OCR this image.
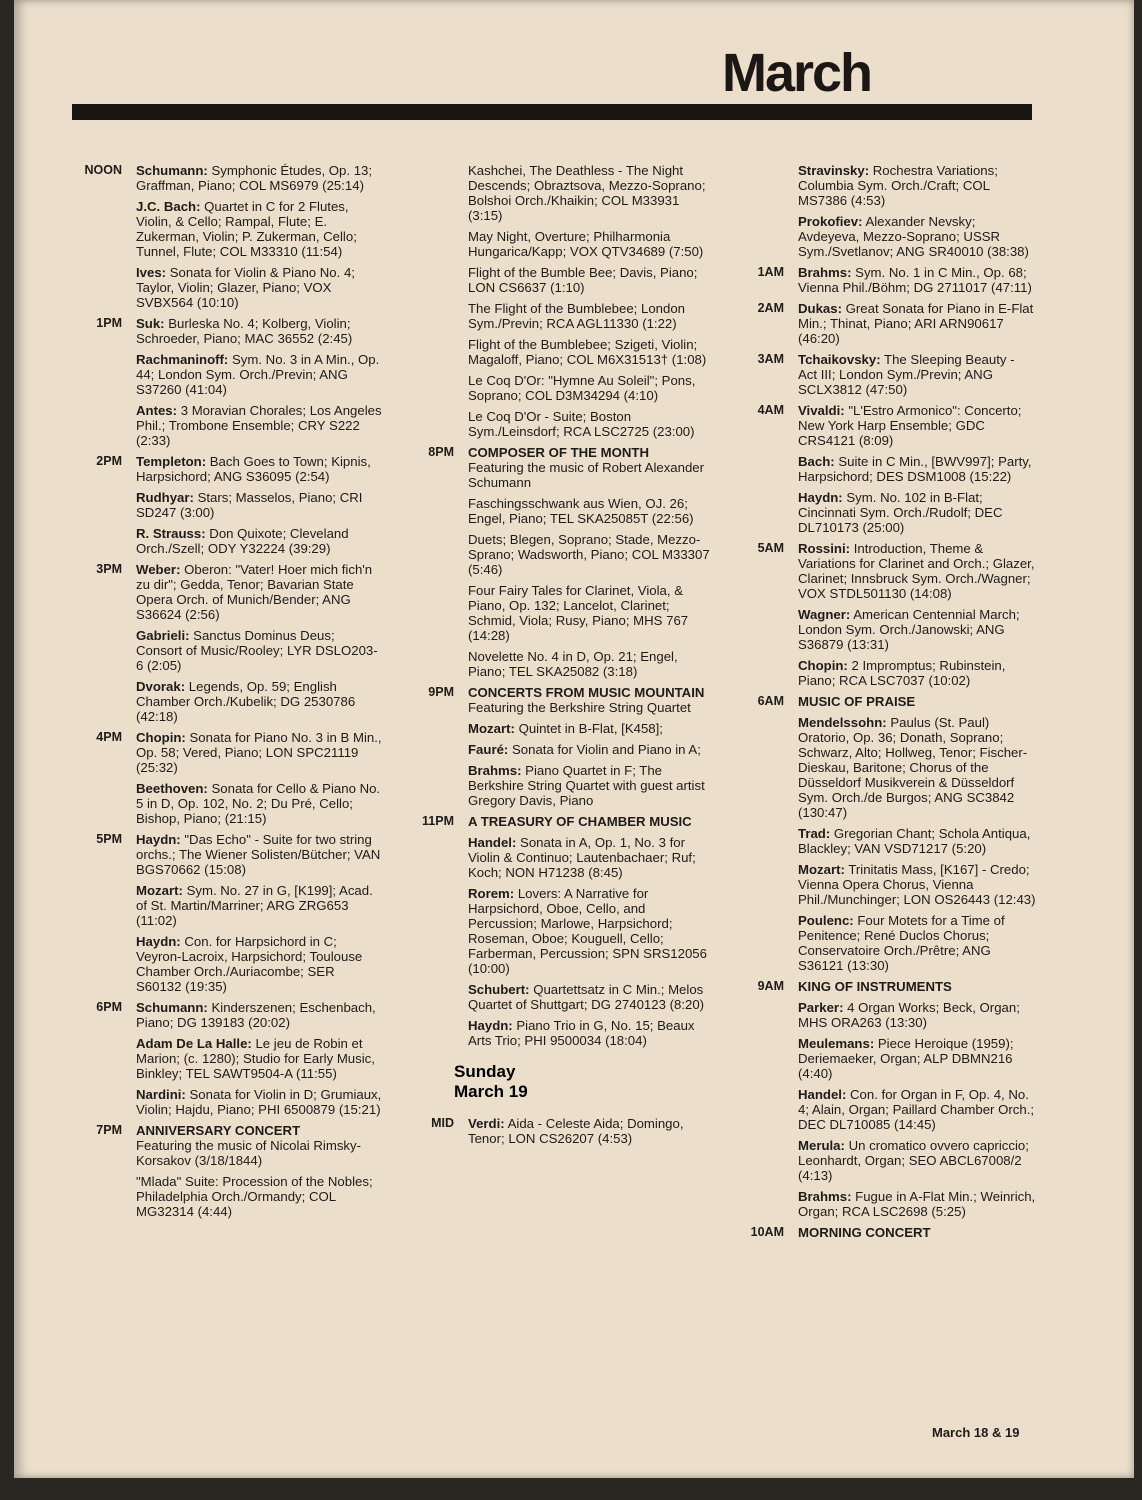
March
NOON	Schumann: Symphonic Études, Op. 13; Graffman, Piano; COL MS6979 (25:14)
J.C. Bach: Quartet in C for 2 Flutes, Violin, & Cello; Rampal, Flute; E. Zukerman, Violin; P. Zukerman, Cello; Tunnel, Flute; COL M33310 (11:54)
Ives: Sonata for Violin & Piano No. 4; Taylor, Violin; Glazer, Piano; VOX SVBX564 (10:10)
1PM	Suk: Burleska No. 4; Kolberg, Violin; Schroeder, Piano; MAC 36552 (2:45)
Rachmaninoff: Sym. No. 3 in A Min., Op. 44; London Sym. Orch./Previn; ANG S37260 (41:04)
Antes: 3 Moravian Chorales; Los Angeles Phil.; Trombone Ensemble; CRY S222 (2:33)
2PM	Templeton: Bach Goes to Town; Kipnis, Harpsichord; ANG S36095 (2:54)
Rudhyar: Stars; Masselos, Piano; CRI SD247 (3:00)
R. Strauss: Don Quixote; Cleveland Orch./Szell; ODY Y32224 (39:29)
3PM	Weber: Oberon: "Vater! Hoer mich fich'n zu dir"; Gedda, Tenor; Bavarian State Opera Orch. of Munich/Bender; ANG S36624 (2:56)
Gabrieli: Sanctus Dominus Deus; Consort of Music/Rooley; LYR DSLO203-6 (2:05)
Dvorak: Legends, Op. 59; English Chamber Orch./Kubelik; DG 2530786 (42:18)
4PM	Chopin: Sonata for Piano No. 3 in B Min., Op. 58; Vered, Piano; LON SPC21119 (25:32)
Beethoven: Sonata for Cello & Piano No. 5 in D, Op. 102, No. 2; Du Pré, Cello; Bishop, Piano; (21:15)
5PM	Haydn: "Das Echo" - Suite for two string orchs.; The Wiener Solisten/Bütcher; VAN BGS70662 (15:08)
Mozart: Sym. No. 27 in G, [K199]; Acad. of St. Martin/Marriner; ARG ZRG653 (11:02)
Haydn: Con. for Harpsichord in C; Veyron-Lacroix, Harpsichord; Toulouse Chamber Orch./Auriacombe; SER S60132 (19:35)
6PM	Schumann: Kinderszenen; Eschenbach, Piano; DG 139183 (20:02)
Adam De La Halle: Le jeu de Robin et Marion; (c. 1280); Studio for Early Music, Binkley; TEL SAWT9504-A (11:55)
Nardini: Sonata for Violin in D; Grumiaux, Violin; Hajdu, Piano; PHI 6500879 (15:21)
7PM	ANNIVERSARY CONCERT
Featuring the music of Nicolai Rimsky-Korsakov (3/18/1844)
"Mlada" Suite: Procession of the Nobles; Philadelphia Orch./Ormandy; COL MG32314 (4:44)
Kashchei, The Deathless - The Night Descends; Obraztsova, Mezzo-Soprano; Bolshoi Orch./Khaikin; COL M33931 (3:15)
May Night, Overture; Philharmonia Hungarica/Kapp; VOX QTV34689 (7:50)
Flight of the Bumble Bee; Davis, Piano; LON CS6637 (1:10)
The Flight of the Bumblebee; London Sym./Previn; RCA AGL11330 (1:22)
Flight of the Bumblebee; Szigeti, Violin; Magaloff, Piano; COL M6X31513† (1:08)
Le Coq D'Or: "Hymne Au Soleil"; Pons, Soprano; COL D3M34294 (4:10)
Le Coq D'Or - Suite; Boston Sym./Leinsdorf; RCA LSC2725 (23:00)
8PM	COMPOSER OF THE MONTH
Featuring the music of Robert Alexander Schumann
Faschingsschwank aus Wien, OJ. 26; Engel, Piano; TEL SKA25085T (22:56)
Duets; Blegen, Soprano; Stade, Mezzo-Sprano; Wadsworth, Piano; COL M33307 (5:46)
Four Fairy Tales for Clarinet, Viola, & Piano, Op. 132; Lancelot, Clarinet; Schmid, Viola; Rusy, Piano; MHS 767 (14:28)
Novelette No. 4 in D, Op. 21; Engel, Piano; TEL SKA25082 (3:18)
9PM	CONCERTS FROM MUSIC MOUNTAIN
Featuring the Berkshire String Quartet
Mozart: Quintet in B-Flat, [K458];
Fauré: Sonata for Violin and Piano in A;
Brahms: Piano Quartet in F; The Berkshire String Quartet with guest artist Gregory Davis, Piano
11PM	A TREASURY OF CHAMBER MUSIC
Handel: Sonata in A, Op. 1, No. 3 for Violin & Continuo; Lautenbachaer; Ruf; Koch; NON H71238 (8:45)
Rorem: Lovers: A Narrative for Harpsichord, Oboe, Cello, and Percussion; Marlowe, Harpsichord; Roseman, Oboe; Kouguell, Cello; Farberman, Percussion; SPN SRS12056 (10:00)
Schubert: Quartettsatz in C Min.; Melos Quartet of Shuttgart; DG 2740123 (8:20)
Haydn: Piano Trio in G, No. 15; Beaux Arts Trio; PHI 9500034 (18:04)
Sunday
March 19
MID	Verdi: Aida - Celeste Aida; Domingo, Tenor; LON CS26207 (4:53)
Stravinsky: Rochestra Variations; Columbia Sym. Orch./Craft; COL MS7386 (4:53)
Prokofiev: Alexander Nevsky; Avdeyeva, Mezzo-Soprano; USSR Sym./Svetlanov; ANG SR40010 (38:38)
1AM	Brahms: Sym. No. 1 in C Min., Op. 68; Vienna Phil./Böhm; DG 2711017 (47:11)
2AM	Dukas: Great Sonata for Piano in E-Flat Min.; Thinat, Piano; ARI ARN90617 (46:20)
3AM	Tchaikovsky: The Sleeping Beauty - Act III; London Sym./Previn; ANG SCLX3812 (47:50)
4AM	Vivaldi: "L'Estro Armonico": Concerto; New York Harp Ensemble; GDC CRS4121 (8:09)
Bach: Suite in C Min., [BWV997]; Party, Harpsichord; DES DSM1008 (15:22)
Haydn: Sym. No. 102 in B-Flat; Cincinnati Sym. Orch./Rudolf; DEC DL710173 (25:00)
5AM	Rossini: Introduction, Theme & Variations for Clarinet and Orch.; Glazer, Clarinet; Innsbruck Sym. Orch./Wagner; VOX STDL501130 (14:08)
Wagner: American Centennial March; London Sym. Orch./Janowski; ANG S36879 (13:31)
Chopin: 2 Impromptus; Rubinstein, Piano; RCA LSC7037 (10:02)
6AM	MUSIC OF PRAISE
Mendelssohn: Paulus (St. Paul) Oratorio, Op. 36; Donath, Soprano; Schwarz, Alto; Hollweg, Tenor; Fischer-Dieskau, Baritone; Chorus of the Düsseldorf Musikverein & Düsseldorf Sym. Orch./de Burgos; ANG SC3842 (130:47)
Trad: Gregorian Chant; Schola Antiqua, Blackley; VAN VSD71217 (5:20)
Mozart: Trinitatis Mass, [K167] - Credo; Vienna Opera Chorus, Vienna Phil./Munchinger; LON OS26443 (12:43)
Poulenc: Four Motets for a Time of Penitence; René Duclos Chorus; Conservatoire Orch./Prêtre; ANG S36121 (13:30)
9AM	KING OF INSTRUMENTS
Parker: 4 Organ Works; Beck, Organ; MHS ORA263 (13:30)
Meulemans: Piece Heroique (1959); Deriemaeker, Organ; ALP DBMN216 (4:40)
Handel: Con. for Organ in F, Op. 4, No. 4; Alain, Organ; Paillard Chamber Orch.; DEC DL710085 (14:45)
Merula: Un cromatico ovvero capriccio; Leonhardt, Organ; SEO ABCL67008/2 (4:13)
Brahms: Fugue in A-Flat Min.; Weinrich, Organ; RCA LSC2698 (5:25)
10AM	MORNING CONCERT
March 18 & 19
